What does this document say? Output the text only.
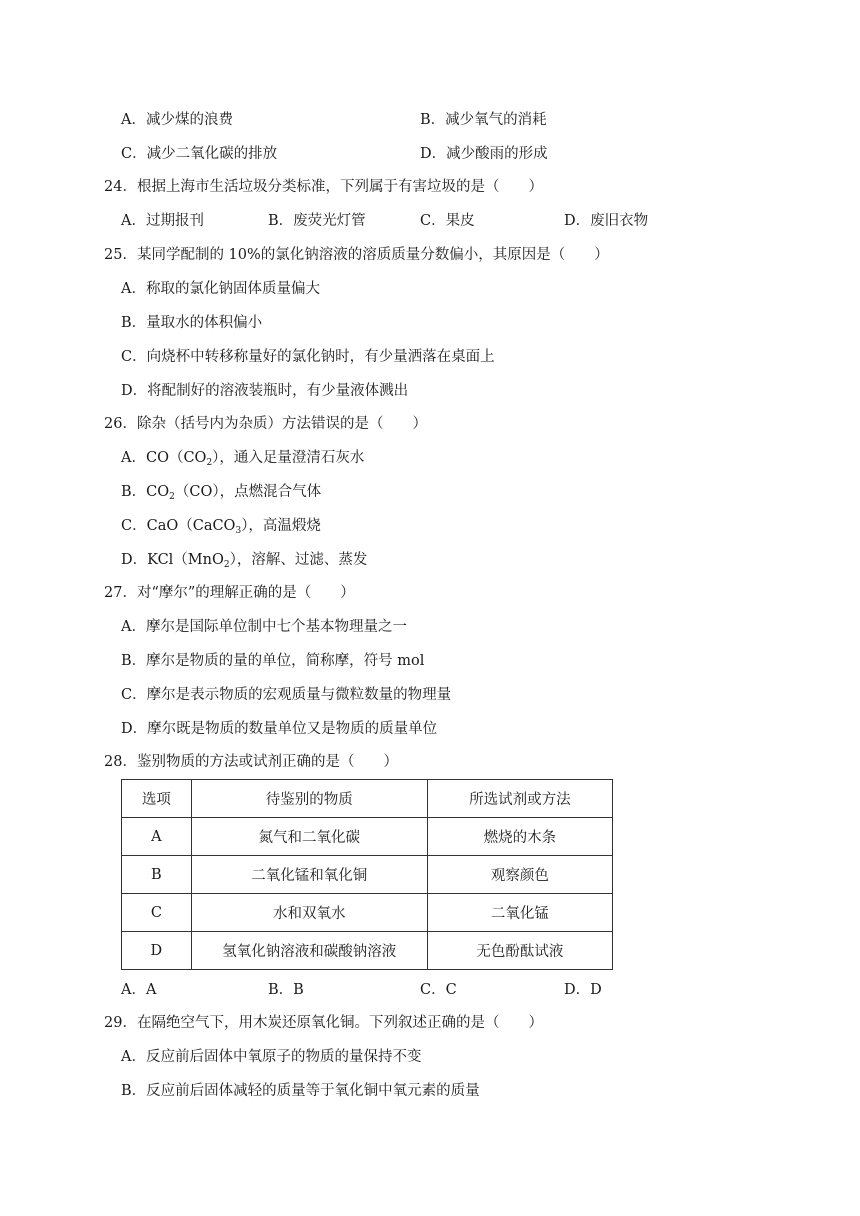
A．减少煤的浪费	B．减少氧气的消耗
C．减少二氧化碳的排放	D．减少酸雨的形成
24．根据上海市生活垃圾分类标准，下列属于有害垃圾的是（　　）
A．过期报刊	B．废荧光灯管	C．果皮	D．废旧衣物
25．某同学配制的 10%的氯化钠溶液的溶质质量分数偏小，其原因是（　　）
A．称取的氯化钠固体质量偏大
B．量取水的体积偏小
C．向烧杯中转移称量好的氯化钠时，有少量洒落在桌面上
D．将配制好的溶液装瓶时，有少量液体溅出
26．除杂（括号内为杂质）方法错误的是（　　）
A．$CO(CO_2)$，通入足量澄清石灰水
B．$CO_2(CO)$，点燃混合气体
C．CaO（CaCO$_3$），高温煅烧
D．KCl（MnO$_2$），溶解、过滤、蒸发
27．对“摩尔”的理解正确的是（　　）
A．摩尔是国际单位制中七个基本物理量之一
B．摩尔是物质的量的单位，简称摩，符号 mol
C．摩尔是表示物质的宏观质量与微粒数量的物理量
D．摩尔既是物质的数量单位又是物质的质量单位
28．鉴别物质的方法或试剂正确的是（　　）
选项	待鉴别的物质	所选试剂或方法
A	氮气和二氧化碳	燃烧的木条
B	二氧化锰和氧化铜	观察颜色
C	水和双氧水	二氧化锰
D	氢氧化钠溶液和碳酸钠溶液	无色酚酞试液
A．A	B．B	C．C	D．D
29．在隔绝空气下，用木炭还原氧化铜。下列叙述正确的是（　　）
A．反应前后固体中氧原子的物质的量保持不变
B．反应前后固体减轻的质量等于氧化铜中氧元素的质量
